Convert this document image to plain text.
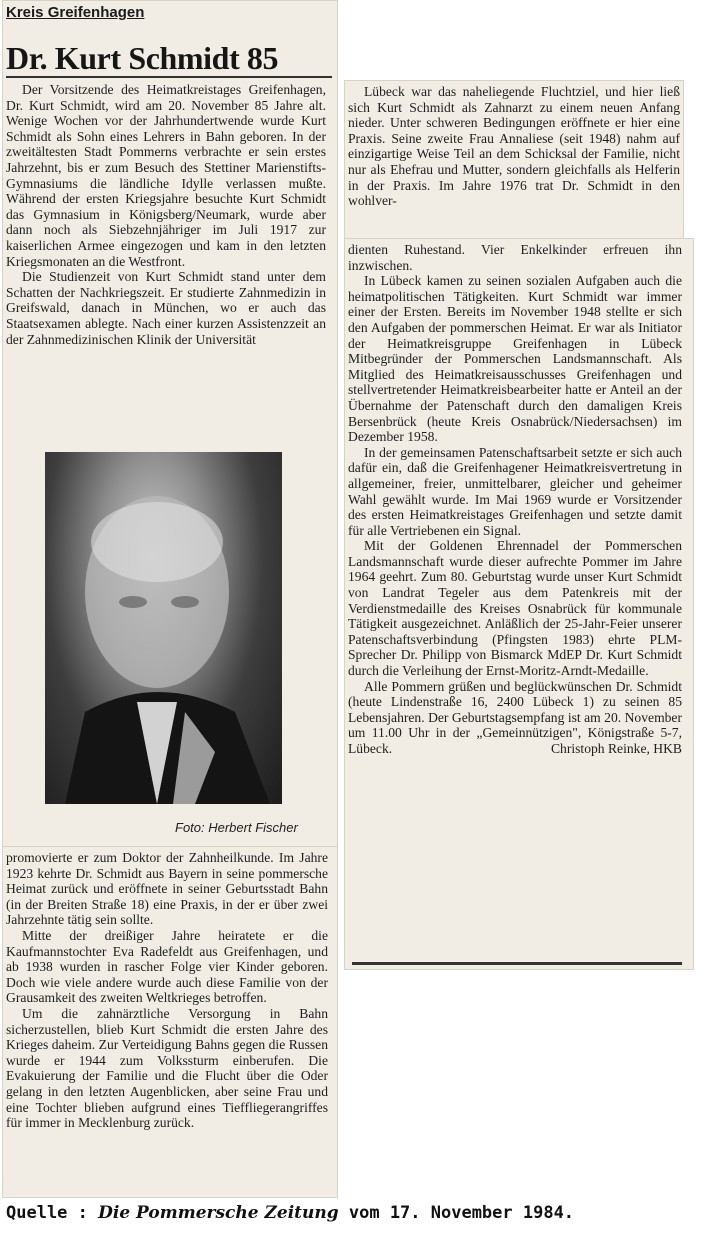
Kreis Greifenhagen

Dr. Kurt Schmidt 85

Der Vorsitzende des Heimatkreistages Greifenhagen, Dr. Kurt Schmidt, wird am 20. November 85 Jahre alt. Wenige Wochen vor der Jahrhundertwende wurde Kurt Schmidt als Sohn eines Lehrers in Bahn geboren. In der zweitältesten Stadt Pommerns verbrachte er sein erstes Jahrzehnt, bis er zum Besuch des Stettiner Marienstifts-Gymnasiums die ländliche Idylle verlassen mußte. Während der ersten Kriegsjahre besuchte Kurt Schmidt das Gymnasium in Königsberg/Neumark, wurde aber dann noch als Siebzehnjähriger im Juli 1917 zur kaiserlichen Armee eingezogen und kam in den letzten Kriegsmonaten an die Westfront.

Die Studienzeit von Kurt Schmidt stand unter dem Schatten der Nachkriegszeit. Er studierte Zahnmedizin in Greifswald, danach in München, wo er auch das Staatsexamen ablegte. Nach einer kurzen Assistenzzeit an der Zahnmedizinischen Klinik der Universität

Foto: Herbert Fischer

promovierte er zum Doktor der Zahnheilkunde. Im Jahre 1923 kehrte Dr. Schmidt aus Bayern in seine pommersche Heimat zurück und eröffnete in seiner Geburtsstadt Bahn (in der Breiten Straße 18) eine Praxis, in der er über zwei Jahrzehnte tätig sein sollte.

Mitte der dreißiger Jahre heiratete er die Kaufmannstochter Eva Radefeldt aus Greifenhagen, und ab 1938 wurden in rascher Folge vier Kinder geboren. Doch wie viele andere wurde auch diese Familie von der Grausamkeit des zweiten Weltkrieges betroffen.

Um die zahnärztliche Versorgung in Bahn sicherzustellen, blieb Kurt Schmidt die ersten Jahre des Krieges daheim. Zur Verteidigung Bahns gegen die Russen wurde er 1944 zum Volkssturm einberufen. Die Evakuierung der Familie und die Flucht über die Oder gelang in den letzten Augenblicken, aber seine Frau und eine Tochter blieben aufgrund eines Tieffliegerangriffes für immer in Mecklenburg zurück.

Lübeck war das naheliegende Fluchtziel, und hier ließ sich Kurt Schmidt als Zahnarzt zu einem neuen Anfang nieder. Unter schweren Bedingungen eröffnete er hier eine Praxis. Seine zweite Frau Annaliese (seit 1948) nahm auf einzigartige Weise Teil an dem Schicksal der Familie, nicht nur als Ehefrau und Mutter, sondern gleichfalls als Helferin in der Praxis. Im Jahre 1976 trat Dr. Schmidt in den wohlver-

dienten Ruhestand. Vier Enkelkinder erfreuen ihn inzwischen.

In Lübeck kamen zu seinen sozialen Aufgaben auch die heimatpolitischen Tätigkeiten. Kurt Schmidt war immer einer der Ersten. Bereits im November 1948 stellte er sich den Aufgaben der pommerschen Heimat. Er war als Initiator der Heimatkreisgruppe Greifenhagen in Lübeck Mitbegründer der Pommerschen Landsmannschaft. Als Mitglied des Heimatkreisausschusses Greifenhagen und stellvertretender Heimatkreisbearbeiter hatte er Anteil an der Übernahme der Patenschaft durch den damaligen Kreis Bersenbrück (heute Kreis Osnabrück/Niedersachsen) im Dezember 1958.

In der gemeinsamen Patenschaftsarbeit setzte er sich auch dafür ein, daß die Greifenhagener Heimatkreisvertretung in allgemeiner, freier, unmittelbarer, gleicher und geheimer Wahl gewählt wurde. Im Mai 1969 wurde er Vorsitzender des ersten Heimatkreistages Greifenhagen und setzte damit für alle Vertriebenen ein Signal.

Mit der Goldenen Ehrennadel der Pommerschen Landsmannschaft wurde dieser aufrechte Pommer im Jahre 1964 geehrt. Zum 80. Geburtstag wurde unser Kurt Schmidt von Landrat Tegeler aus dem Patenkreis mit der Verdienstmedaille des Kreises Osnabrück für kommunale Tätigkeit ausgezeichnet. Anläßlich der 25-Jahr-Feier unserer Patenschaftsverbindung (Pfingsten 1983) ehrte PLM-Sprecher Dr. Philipp von Bismarck MdEP Dr. Kurt Schmidt durch die Verleihung der Ernst-Moritz-Arndt-Medaille.

Alle Pommern grüßen und beglückwünschen Dr. Schmidt (heute Lindenstraße 16, 2400 Lübeck 1) zu seinen 85 Lebensjahren. Der Geburtstagsempfang ist am 20. November um 11.00 Uhr in der „Gemeinnützigen", Königstraße 5-7, Lübeck.	Christoph Reinke, HKB

Quelle : Die Pommersche Zeitung vom 17. November 1984.
